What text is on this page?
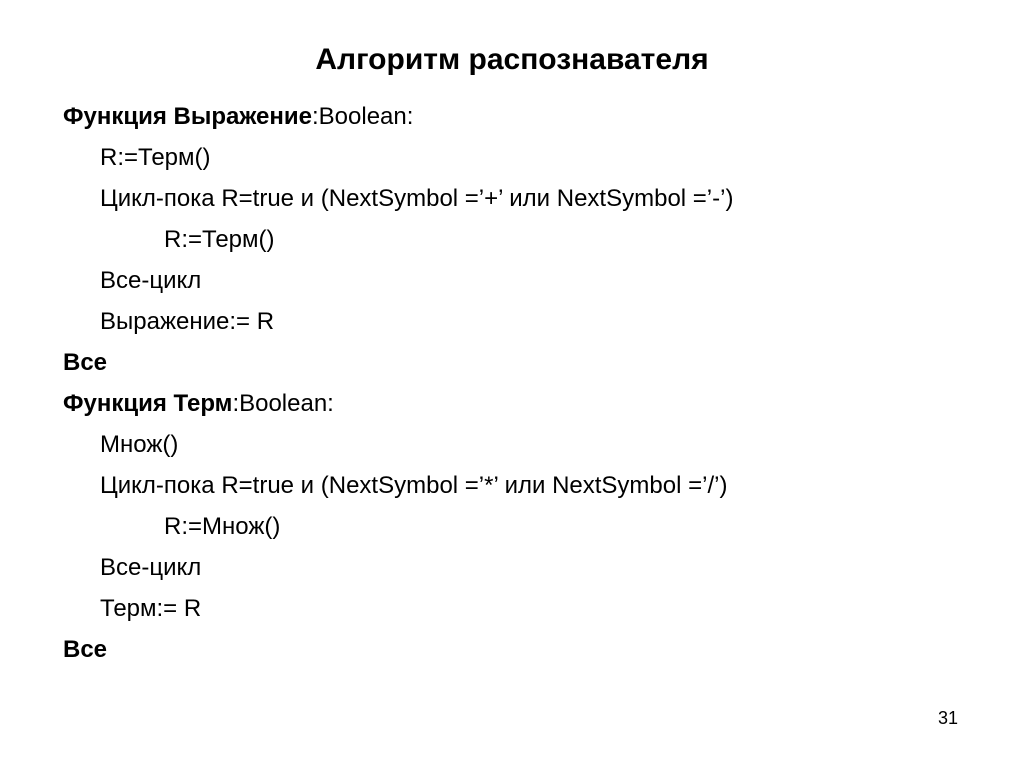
Алгоритм распознавателя
Функция Выражение:Boolean:
R:=Терм()
Цикл-пока R=true и (NextSymbol =’+’ или NextSymbol =’-’)
R:=Терм()
Все-цикл
Выражение:= R
Все
Функция Терм:Boolean:
Множ()
Цикл-пока R=true и (NextSymbol =’*’ или NextSymbol =’/’)
R:=Множ()
Все-цикл
Терм:= R
Все
31
